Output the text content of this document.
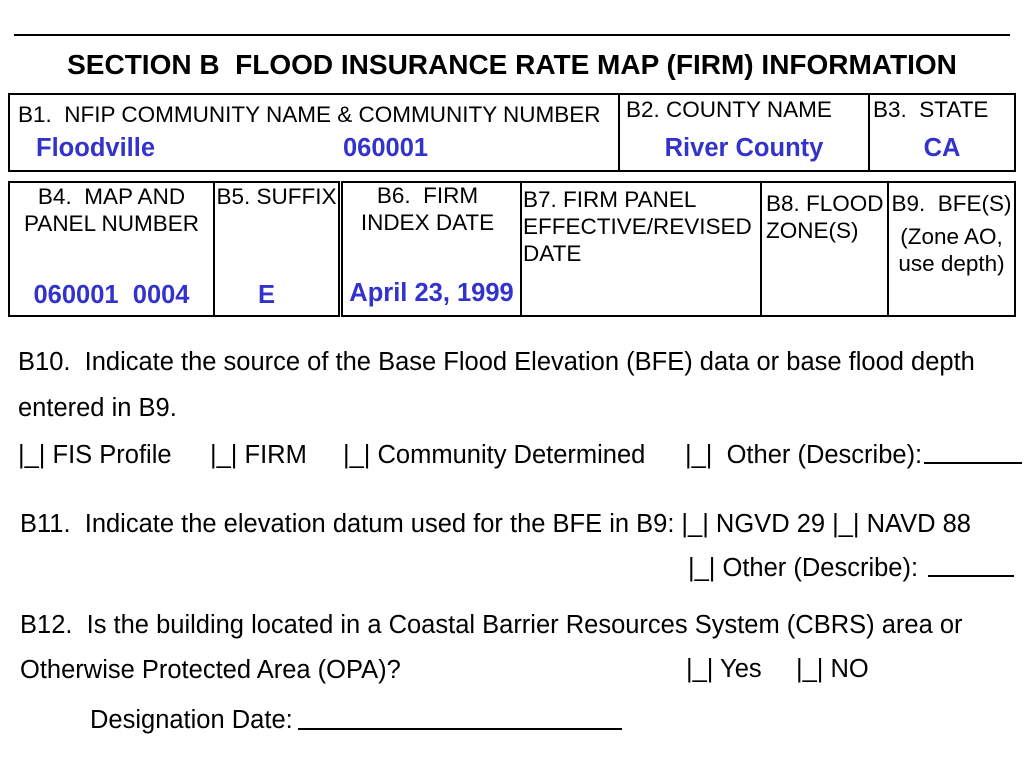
SECTION B  FLOOD INSURANCE RATE MAP (FIRM) INFORMATION
B1.  NFIP COMMUNITY NAME & COMMUNITY NUMBER
Floodville	060001
B2. COUNTY NAME
River County
B3.  STATE
CA
B4.  MAP AND
PANEL NUMBER
060001  0004
B5. SUFFIX
E
B6.  FIRM
INDEX DATE
April 23, 1999
B7. FIRM PANEL
EFFECTIVE/REVISED
DATE
B8. FLOOD
ZONE(S)
B9.  BFE(S)
(Zone AO,
use depth)
B10.  Indicate the source of the Base Flood Elevation (BFE) data or base flood depth
entered in B9.
|_| FIS Profile |_| FIRM |_| Community Determined |_|  Other (Describe):
B11.  Indicate the elevation datum used for the BFE in B9: |_| NGVD 29 |_| NAVD 88
|_| Other (Describe):
B12.  Is the building located in a Coastal Barrier Resources System (CBRS) area or
Otherwise Protected Area (OPA)?	|_| Yes |_| NO
Designation Date:
